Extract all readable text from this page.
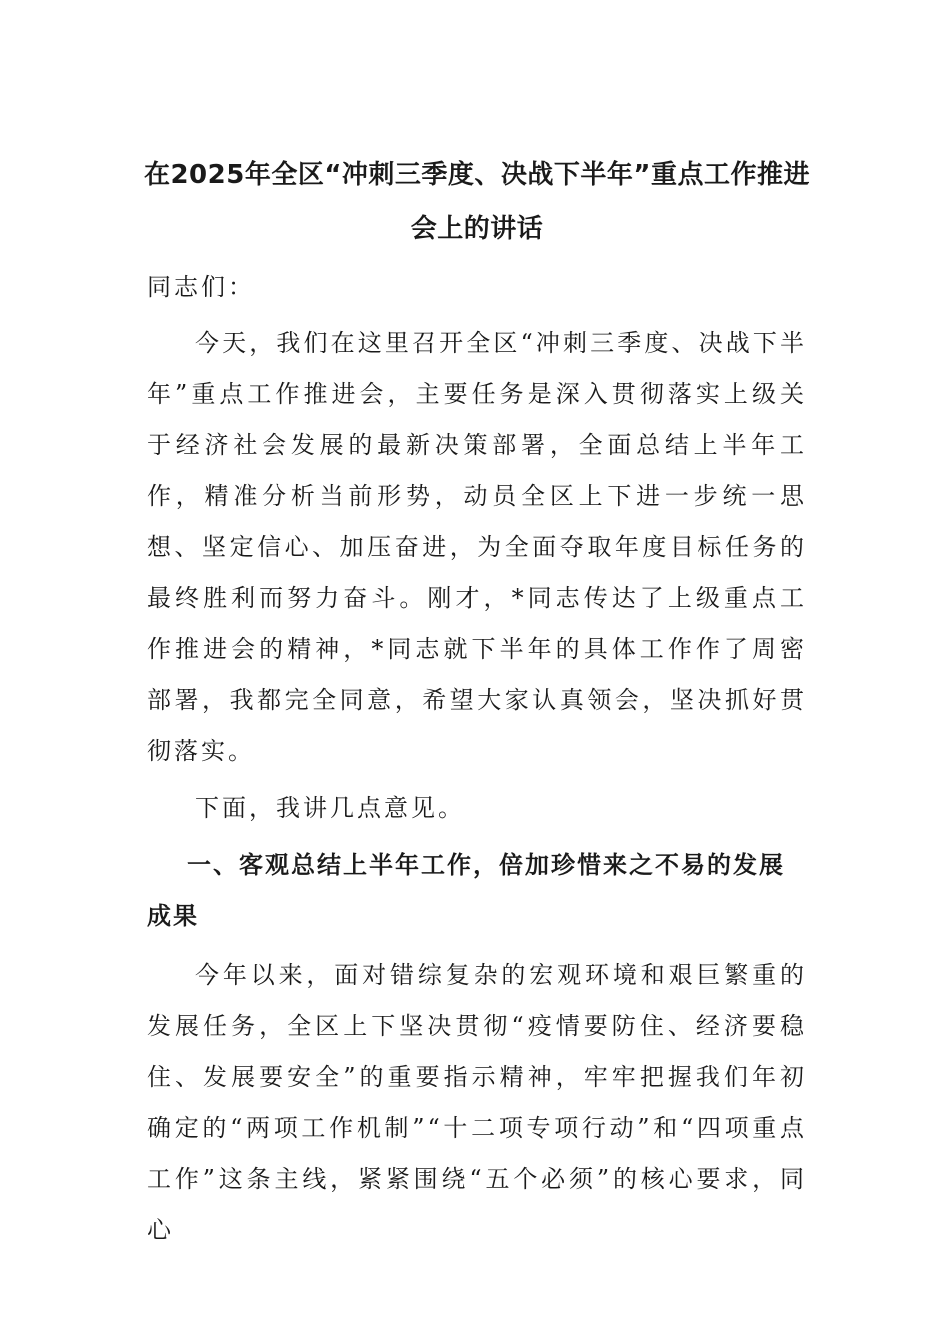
在2025年全区“冲刺三季度、决战下半年”重点工作推进
会上的讲话

同志们：

今天，我们在这里召开全区“冲刺三季度、决战下半年”重点工作推进会，主要任务是深入贯彻落实上级关于经济社会发展的最新决策部署，全面总结上半年工作，精准分析当前形势，动员全区上下进一步统一思想、坚定信心、加压奋进，为全面夺取年度目标任务的最终胜利而努力奋斗。刚才，*同志传达了上级重点工作推进会的精神，*同志就下半年的具体工作作了周密部署，我都完全同意，希望大家认真领会，坚决抓好贯彻落实。

下面，我讲几点意见。

一、客观总结上半年工作，倍加珍惜来之不易的发展成果

今年以来，面对错综复杂的宏观环境和艰巨繁重的发展任务，全区上下坚决贯彻“疫情要防住、经济要稳住、发展要安全”的重要指示精神，牢牢把握我们年初确定的“两项工作机制”“十二项专项行动”和“四项重点工作”这条主线，紧紧围绕“五个必须”的核心要求，同心
